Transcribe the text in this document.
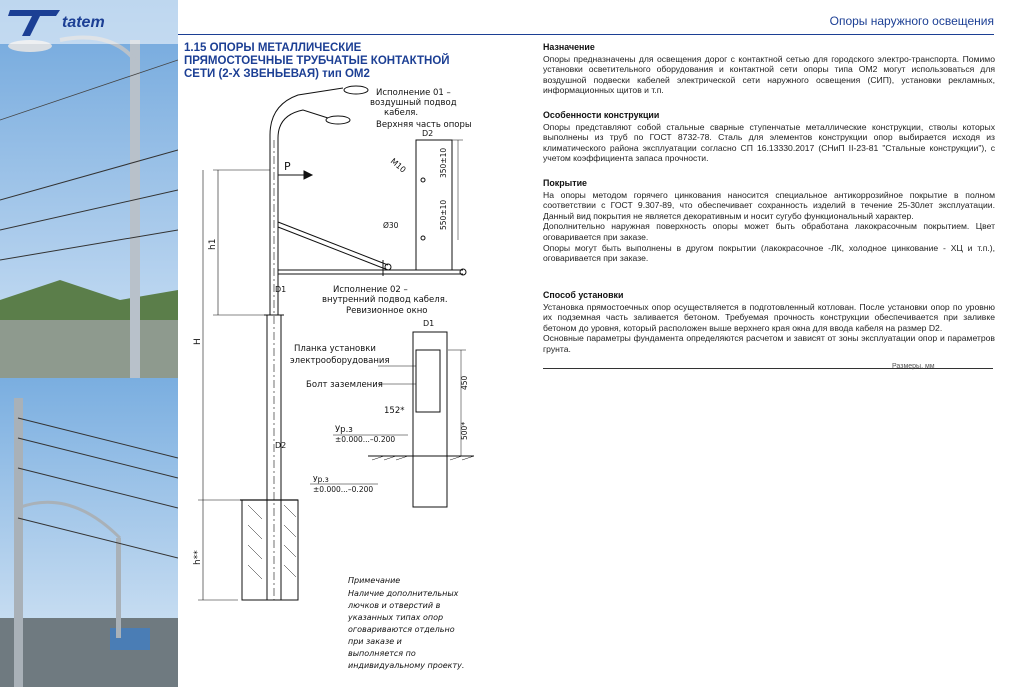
tatem	Опоры наружного освещения
1.15 ОПОРЫ МЕТАЛЛИЧЕСКИЕ
ПРЯМОСТОЕЧНЫЕ ТРУБЧАТЫЕ КОНТАКТНОЙ
СЕТИ (2-Х ЗВЕНЬЕВАЯ) тип ОМ2
P
h1
H
h**
D1
D2
Ур.з
±0.000...–0.200
Исполнение 01 –
воздушный подвод
кабеля.
Верхняя часть опоры
D2
550±10
350±10
M10
Ø30
Исполнение 02 –
внутренний подвод кабеля.
Ревизионное окно
D1
450
500*
Планка установки
электрооборудования
Болт заземления
152*
Ур.з
±0.000...–0.200
Примечание
Наличие дополнительных
лючков и отверстий в
указанных типах опор
оговариваются отдельно
при заказе и
выполняется по
индивидуальному проекту.
Назначение

Опоры предназначены для освещения дорог с контактной сетью для городского электро-транспорта. Помимо установки осветительного оборудования и контактной сети опоры типа ОМ2 могут использоваться для воздушной подвески кабелей электрической сети наружного освещения (СИП), установки рекламных, информационных щитов и т.п.

Особенности конструкции

Опоры представляют собой стальные сварные ступенчатые металлические конструкции, стволы которых выполнены из труб по ГОСТ 8732-78. Сталь для элементов конструкции опор выбирается исходя из климатического района эксплуатации согласно СП 16.13330.2017 (СНиП II-23-81 "Стальные конструкции"), с учетом коэффициента запаса прочности.

Покрытие

На опоры методом горячего цинкования наносится специальное антикоррозийное покрытие в полном соответствии с ГОСТ 9.307-89, что обеспечивает сохранность изделий в течение 25-30лет эксплуатации. Данный вид покрытия не является декоративным и носит сугубо функциональный характер.

Дополнительно наружная поверхность опоры может быть обработана лакокрасочным покрытием. Цвет оговаривается при заказе.

Опоры могут быть выполнены в другом покрытии (лакокрасочное -ЛК, холодное цинкование - ХЦ и т.п.), оговаривается при заказе.

Способ установки

Установка прямостоечных опор осуществляется в подготовленный котлован. После установки опор по уровню их подземная часть заливается бетоном. Требуемая прочность конструкции обеспечивается при заливке бетоном до уровня, который расположен выше верхнего края окна для ввода кабеля на размер D2.

Основные параметры фундамента определяются расчетом и зависят от зоны эксплуатации опор и параметров грунта.

Размеры, мм
